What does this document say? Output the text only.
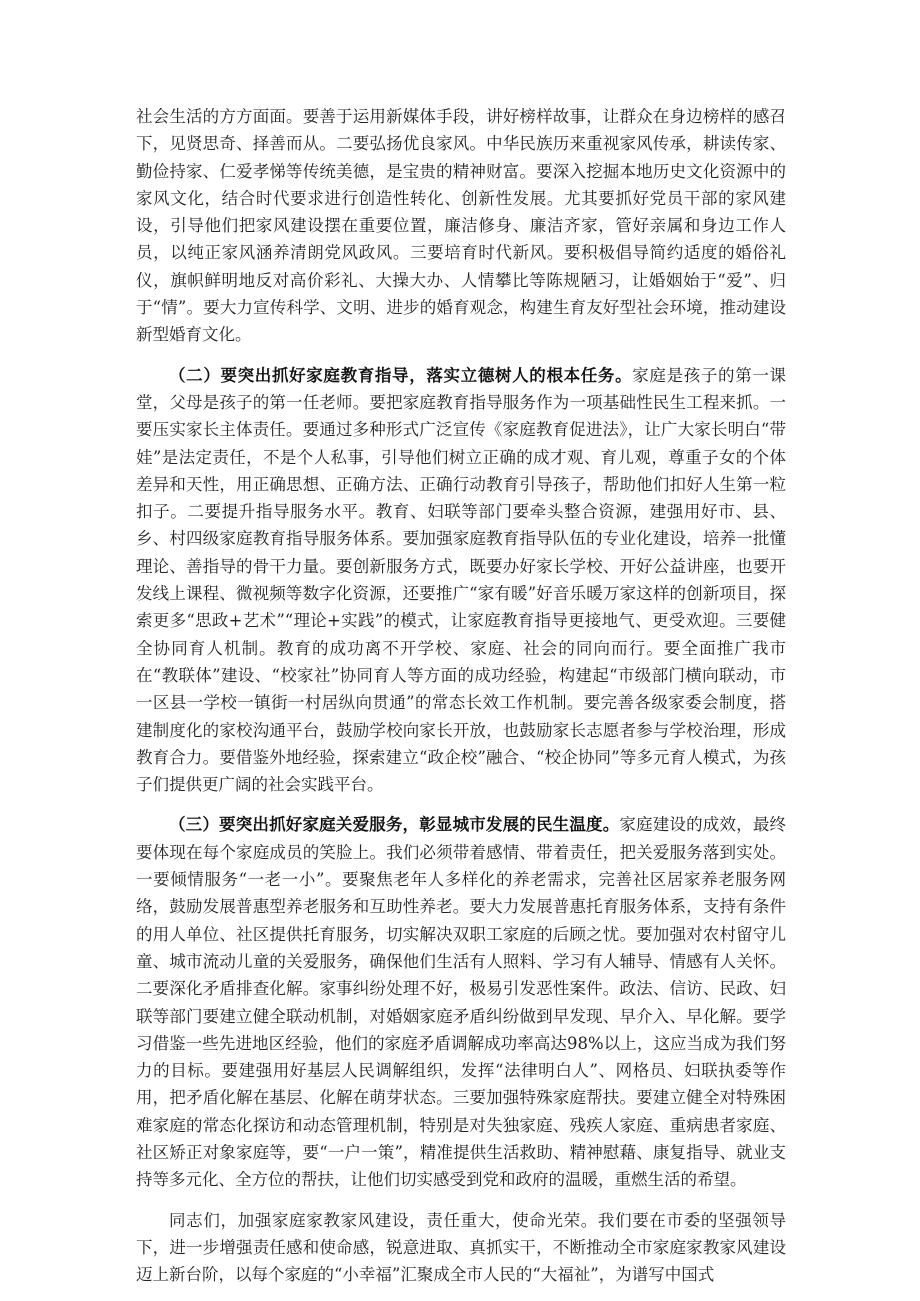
社会生活的方方面面。要善于运用新媒体手段，讲好榜样故事，让群众在身边榜样的感召下，见贤思奇、择善而从。二要弘扬优良家风。中华民族历来重视家风传承，耕读传家、勤俭持家、仁爱孝悌等传统美德，是宝贵的精神财富。要深入挖掘本地历史文化资源中的家风文化，结合时代要求进行创造性转化、创新性发展。尤其要抓好党员干部的家风建设，引导他们把家风建设摆在重要位置，廉洁修身、廉洁齐家，管好亲属和身边工作人员，以纯正家风涵养清朗党风政风。三要培育时代新风。要积极倡导简约适度的婚俗礼仪，旗帜鲜明地反对高价彩礼、大操大办、人情攀比等陈规陋习，让婚姻始于“爱”、归于“情”。要大力宣传科学、文明、进步的婚育观念，构建生育友好型社会环境，推动建设新型婚育文化。

（二）要突出抓好家庭教育指导，落实立德树人的根本任务。家庭是孩子的第一课堂，父母是孩子的第一任老师。要把家庭教育指导服务作为一项基础性民生工程来抓。一要压实家长主体责任。要通过多种形式广泛宣传《家庭教育促进法》，让广大家长明白“带娃”是法定责任，不是个人私事，引导他们树立正确的成才观、育儿观，尊重子女的个体差异和天性，用正确思想、正确方法、正确行动教育引导孩子，帮助他们扣好人生第一粒扣子。二要提升指导服务水平。教育、妇联等部门要牵头整合资源，建强用好市、县、乡、村四级家庭教育指导服务体系。要加强家庭教育指导队伍的专业化建设，培养一批懂理论、善指导的骨干力量。要创新服务方式，既要办好家长学校、开好公益讲座，也要开发线上课程、微视频等数字化资源，还要推广“家有暖”好音乐暖万家这样的创新项目，探索更多“思政+艺术”“理论+实践”的模式，让家庭教育指导更接地气、更受欢迎。三要健全协同育人机制。教育的成功离不开学校、家庭、社会的同向而行。要全面推广我市在“教联体”建设、“校家社”协同育人等方面的成功经验，构建起“市级部门横向联动，市一区县一学校一镇街一村居纵向贯通”的常态长效工作机制。要完善各级家委会制度，搭建制度化的家校沟通平台，鼓励学校向家长开放，也鼓励家长志愿者参与学校治理，形成教育合力。要借鉴外地经验，探索建立“政企校”融合、“校企协同”等多元育人模式，为孩子们提供更广阔的社会实践平台。

（三）要突出抓好家庭关爱服务，彰显城市发展的民生温度。家庭建设的成效，最终要体现在每个家庭成员的笑脸上。我们必须带着感情、带着责任，把关爱服务落到实处。一要倾情服务“一老一小”。要聚焦老年人多样化的养老需求，完善社区居家养老服务网络，鼓励发展普惠型养老服务和互助性养老。要大力发展普惠托育服务体系，支持有条件的用人单位、社区提供托育服务，切实解决双职工家庭的后顾之忧。要加强对农村留守儿童、城市流动儿童的关爱服务，确保他们生活有人照料、学习有人辅导、情感有人关怀。二要深化矛盾排查化解。家事纠纷处理不好，极易引发恶性案件。政法、信访、民政、妇联等部门要建立健全联动机制，对婚姻家庭矛盾纠纷做到早发现、早介入、早化解。要学习借鉴一些先进地区经验，他们的家庭矛盾调解成功率高达98%以上，这应当成为我们努力的目标。要建强用好基层人民调解组织，发挥“法律明白人”、网格员、妇联执委等作用，把矛盾化解在基层、化解在萌芽状态。三要加强特殊家庭帮扶。要建立健全对特殊困难家庭的常态化探访和动态管理机制，特别是对失独家庭、残疾人家庭、重病患者家庭、社区矫正对象家庭等，要“一户一策”，精准提供生活救助、精神慰藉、康复指导、就业支持等多元化、全方位的帮扶，让他们切实感受到党和政府的温暖，重燃生活的希望。

同志们，加强家庭家教家风建设，责任重大，使命光荣。我们要在市委的坚强领导下，进一步增强责任感和使命感，锐意进取、真抓实干，不断推动全市家庭家教家风建设迈上新台阶，以每个家庭的“小幸福”汇聚成全市人民的“大福祉”，为谱写中国式
